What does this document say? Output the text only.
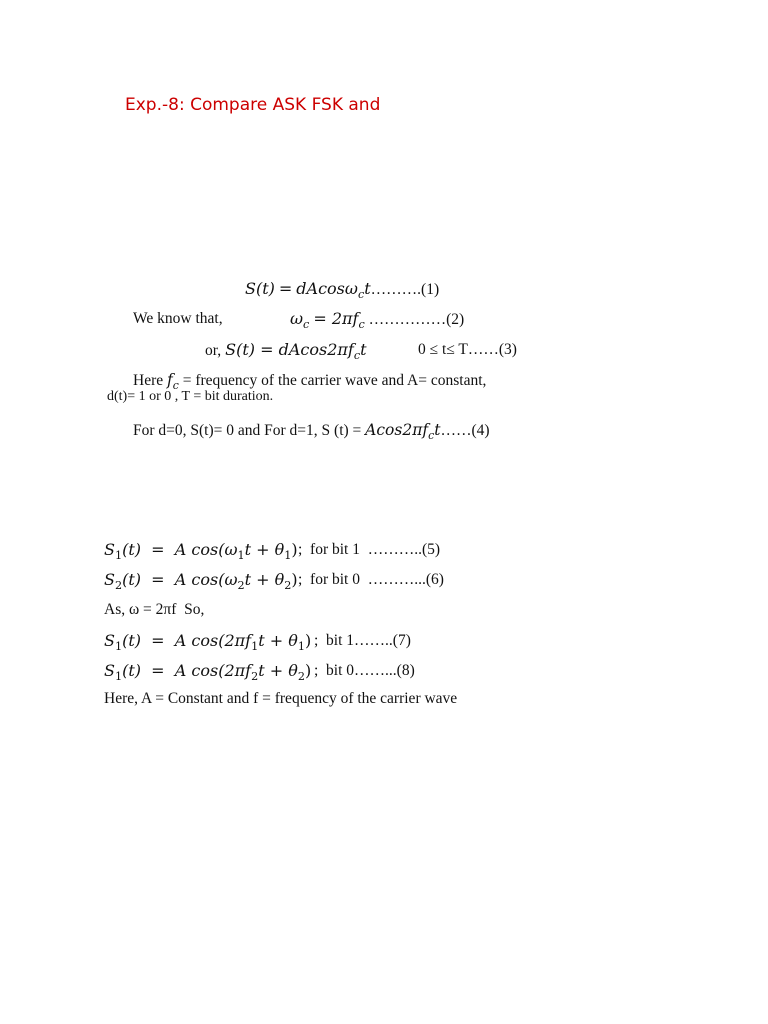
Exp.-8: Compare ASK FSK and
S(t) = dAcosω$_c$t……….(1)
We know that,	$\omega_c = 2\pi f_c$ ……………(2)
or, $S(t) = dAcos2\pi f_ct$	0 ≤ t≤ T……(3)
Here $f_c$ = frequency of the carrier wave and A= constant,
d(t)= 1 or 0 , T = bit duration.
For d=0, S(t)= 0 and For d=1, S $(t) = Acos2\pi f_ct\dots\dots(4)$
$S_1(t) = A$ $\cos(\omega_1t + \theta_1)$ ;  for bit 1  ………..(5)
$S_2(t) = A$ $\cos(\omega_2t + \theta_2)$ ;  for bit 0  ………...(6)
As, ω = 2πf  So,
$S_1(t) = A$ $\cos(2\pi f_1t + \theta_1)$ ;  bit 1……..(7)
$S_1(t) = A$ $\cos(2\pi f_2t + \theta_2)$ ;  bit 0……...(8)
Here, A = Constant and f = frequency of the carrier wave
